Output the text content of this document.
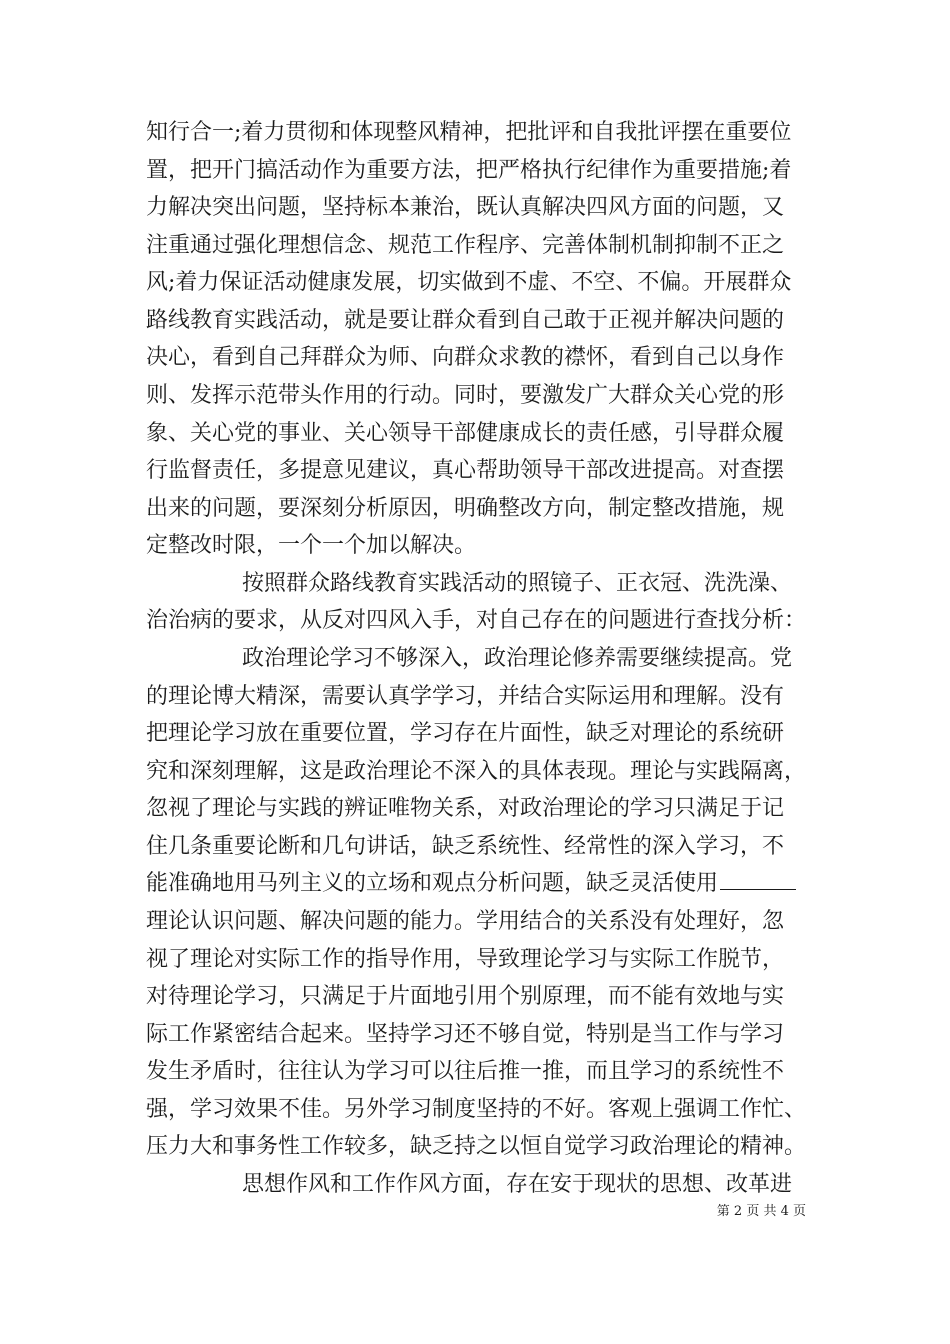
知行合一;着力贯彻和体现整风精神，把批评和自我批评摆在重要位
置，把开门搞活动作为重要方法，把严格执行纪律作为重要措施;着
力解决突出问题，坚持标本兼治，既认真解决四风方面的问题，又
注重通过强化理想信念、规范工作程序、完善体制机制抑制不正之
风;着力保证活动健康发展，切实做到不虚、不空、不偏。开展群众
路线教育实践活动，就是要让群众看到自己敢于正视并解决问题的
决心，看到自己拜群众为师、向群众求教的襟怀，看到自己以身作
则、发挥示范带头作用的行动。同时，要激发广大群众关心党的形
象、关心党的事业、关心领导干部健康成长的责任感，引导群众履
行监督责任，多提意见建议，真心帮助领导干部改进提高。对查摆
出来的问题，要深刻分析原因，明确整改方向，制定整改措施，规
定整改时限，一个一个加以解决。
按照群众路线教育实践活动的照镜子、正衣冠、洗洗澡、
治治病的要求，从反对四风入手，对自己存在的问题进行查找分析：
政治理论学习不够深入，政治理论修养需要继续提高。党
的理论博大精深，需要认真学学习，并结合实际运用和理解。没有
把理论学习放在重要位置，学习存在片面性，缺乏对理论的系统研
究和深刻理解，这是政治理论不深入的具体表现。理论与实践隔离，
忽视了理论与实践的辨证唯物关系，对政治理论的学习只满足于记
住几条重要论断和几句讲话，缺乏系统性、经常性的深入学习，不
能准确地用马列主义的立场和观点分析问题，缺乏灵活使用
理论认识问题、解决问题的能力。学用结合的关系没有处理好，忽
视了理论对实际工作的指导作用，导致理论学习与实际工作脱节，
对待理论学习，只满足于片面地引用个别原理，而不能有效地与实
际工作紧密结合起来。坚持学习还不够自觉，特别是当工作与学习
发生矛盾时，往往认为学习可以往后推一推，而且学习的系统性不
强，学习效果不佳。另外学习制度坚持的不好。客观上强调工作忙、
压力大和事务性工作较多，缺乏持之以恒自觉学习政治理论的精神。
思想作风和工作作风方面，存在安于现状的思想、改革进
第 2 页 共 4 页
